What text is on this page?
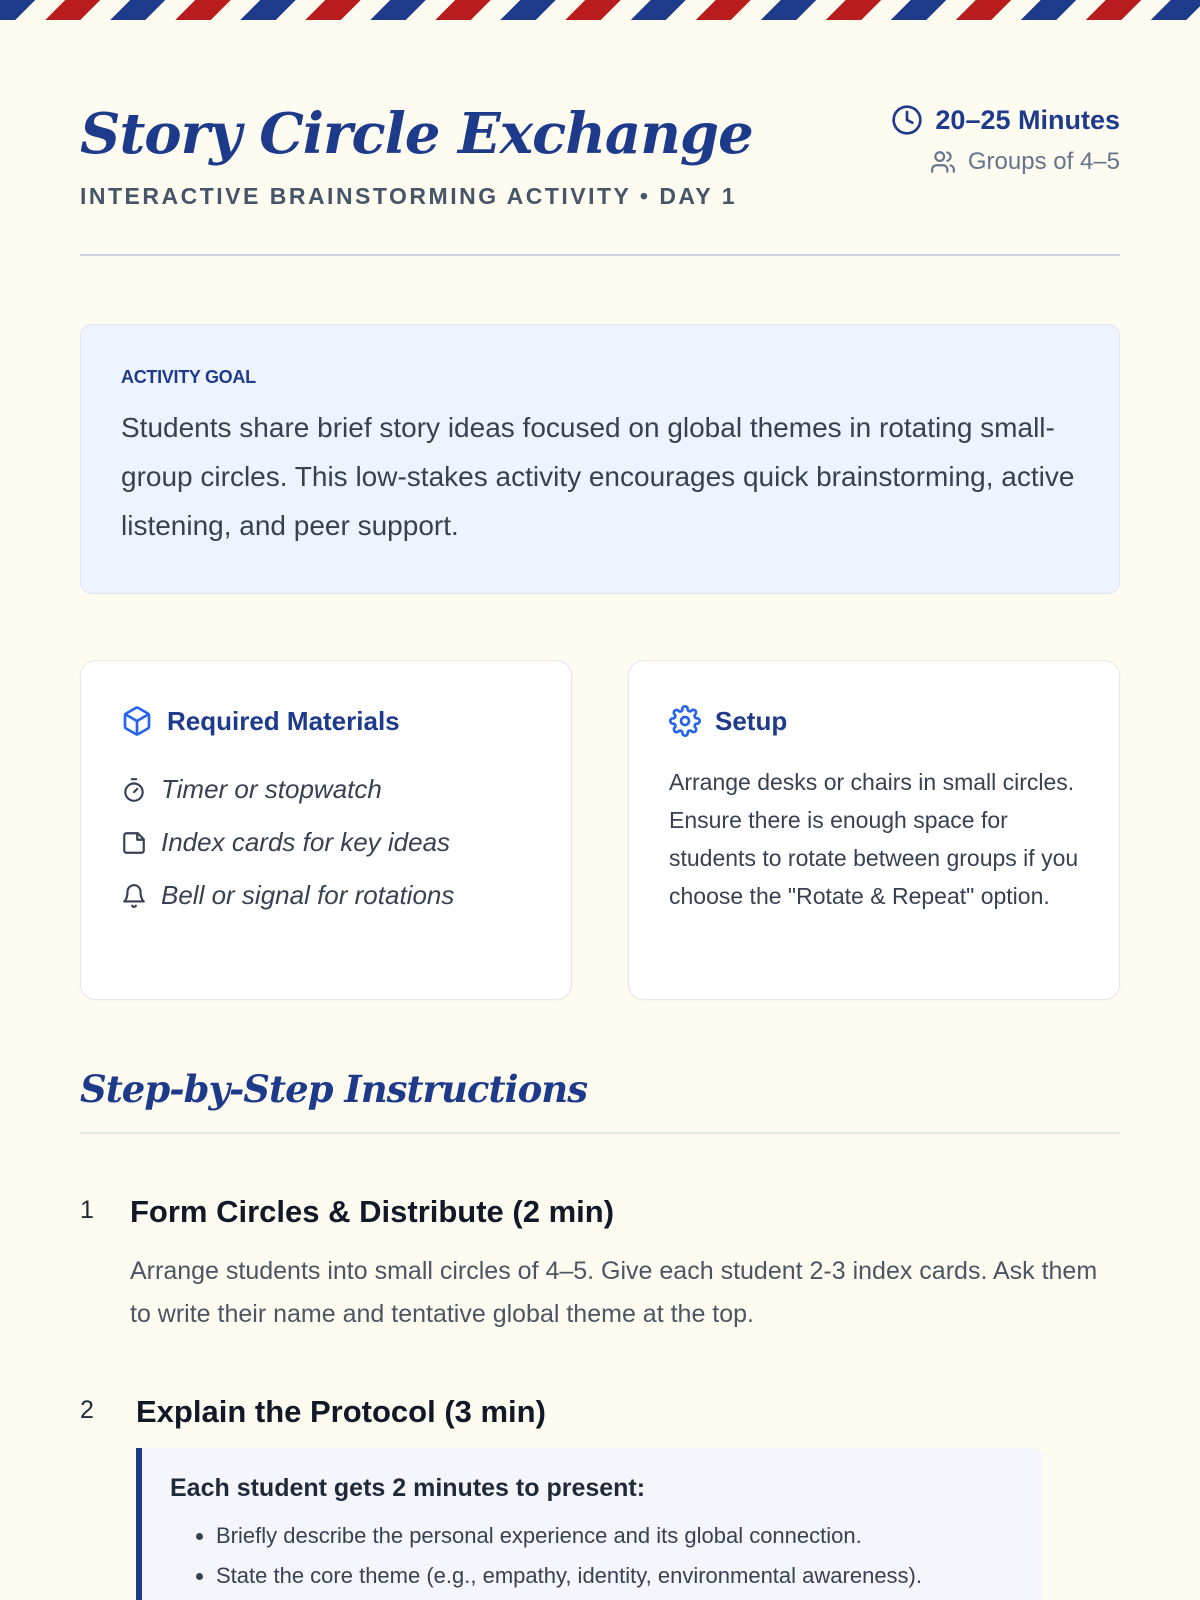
Story Circle Exchange
INTERACTIVE BRAINSTORMING ACTIVITY • DAY 1
20–25 Minutes
Groups of 4–5
ACTIVITY GOAL

Students share brief story ideas focused on global themes in rotating small-group circles. This low-stakes activity encourages quick brainstorming, active listening, and peer support.

Required Materials
Timer or stopwatch
Index cards for key ideas
Bell or signal for rotations
Setup

Arrange desks or chairs in small circles. Ensure there is enough space for students to rotate between groups if you choose the "Rotate & Repeat" option.

Step-by-Step Instructions
1 Form Circles & Distribute (2 min)

Arrange students into small circles of 4–5. Give each student 2-3 index cards. Ask them to write their name and tentative global theme at the top.

2 Explain the Protocol (3 min)
Each student gets 2 minutes to present:
• Briefly describe the personal experience and its global connection.
• State the core theme (e.g., empathy, identity, environmental awareness).
